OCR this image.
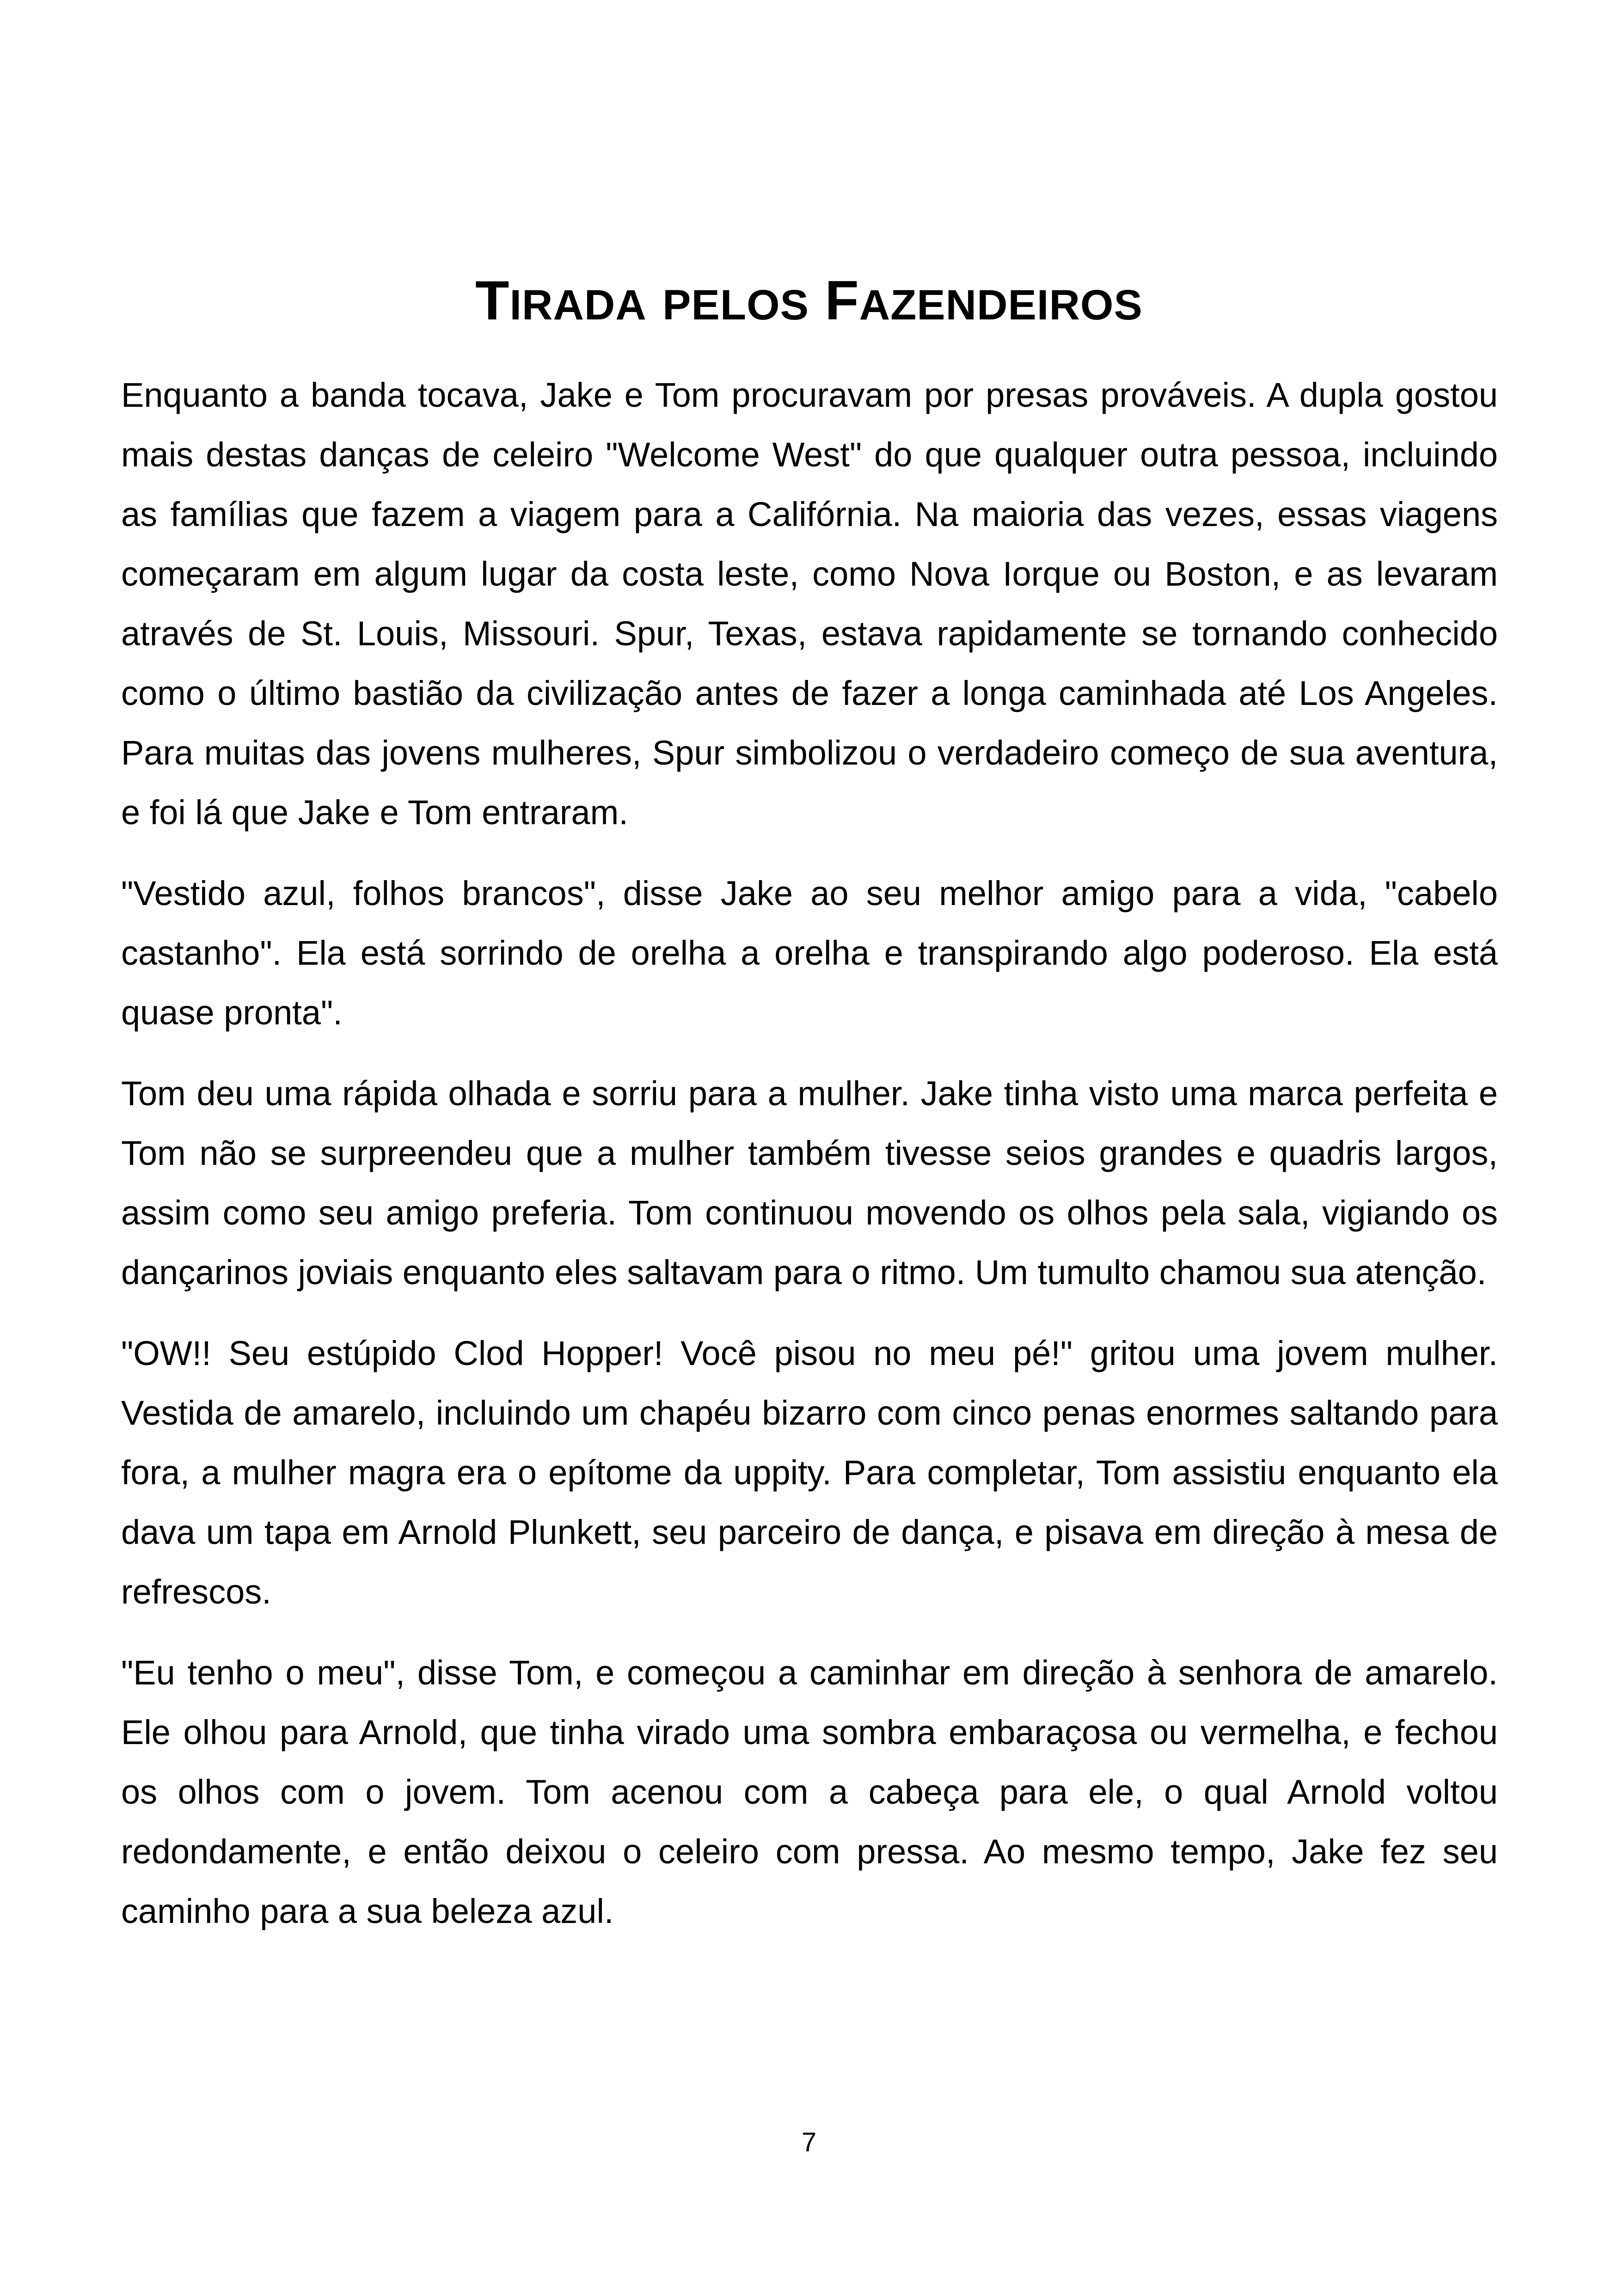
TIRADA PELOS FAZENDEIROS

Enquanto a banda tocava, Jake e Tom procuravam por presas prováveis. A dupla gostou mais destas danças de celeiro "Welcome West" do que qualquer outra pessoa, incluindo as famílias que fazem a viagem para a Califórnia. Na maioria das vezes, essas viagens começaram em algum lugar da costa leste, como Nova Iorque ou Boston, e as levaram através de St. Louis, Missouri. Spur, Texas, estava rapidamente se tornando conhecido como o último bastião da civilização antes de fazer a longa caminhada até Los Angeles. Para muitas das jovens mulheres, Spur simbolizou o verdadeiro começo de sua aventura, e foi lá que Jake e Tom entraram.

"Vestido azul, folhos brancos", disse Jake ao seu melhor amigo para a vida, "cabelo castanho". Ela está sorrindo de orelha a orelha e transpirando algo poderoso. Ela está quase pronta".

Tom deu uma rápida olhada e sorriu para a mulher. Jake tinha visto uma marca perfeita e Tom não se surpreendeu que a mulher também tivesse seios grandes e quadris largos, assim como seu amigo preferia. Tom continuou movendo os olhos pela sala, vigiando os dançarinos joviais enquanto eles saltavam para o ritmo. Um tumulto chamou sua atenção.

"OW!! Seu estúpido Clod Hopper! Você pisou no meu pé!" gritou uma jovem mulher. Vestida de amarelo, incluindo um chapéu bizarro com cinco penas enormes saltando para fora, a mulher magra era o epítome da uppity. Para completar, Tom assistiu enquanto ela dava um tapa em Arnold Plunkett, seu parceiro de dança, e pisava em direção à mesa de refrescos.

"Eu tenho o meu", disse Tom, e começou a caminhar em direção à senhora de amarelo. Ele olhou para Arnold, que tinha virado uma sombra embaraçosa ou vermelha, e fechou os olhos com o jovem. Tom acenou com a cabeça para ele, o qual Arnold voltou redondamente, e então deixou o celeiro com pressa. Ao mesmo tempo, Jake fez seu caminho para a sua beleza azul.

7
